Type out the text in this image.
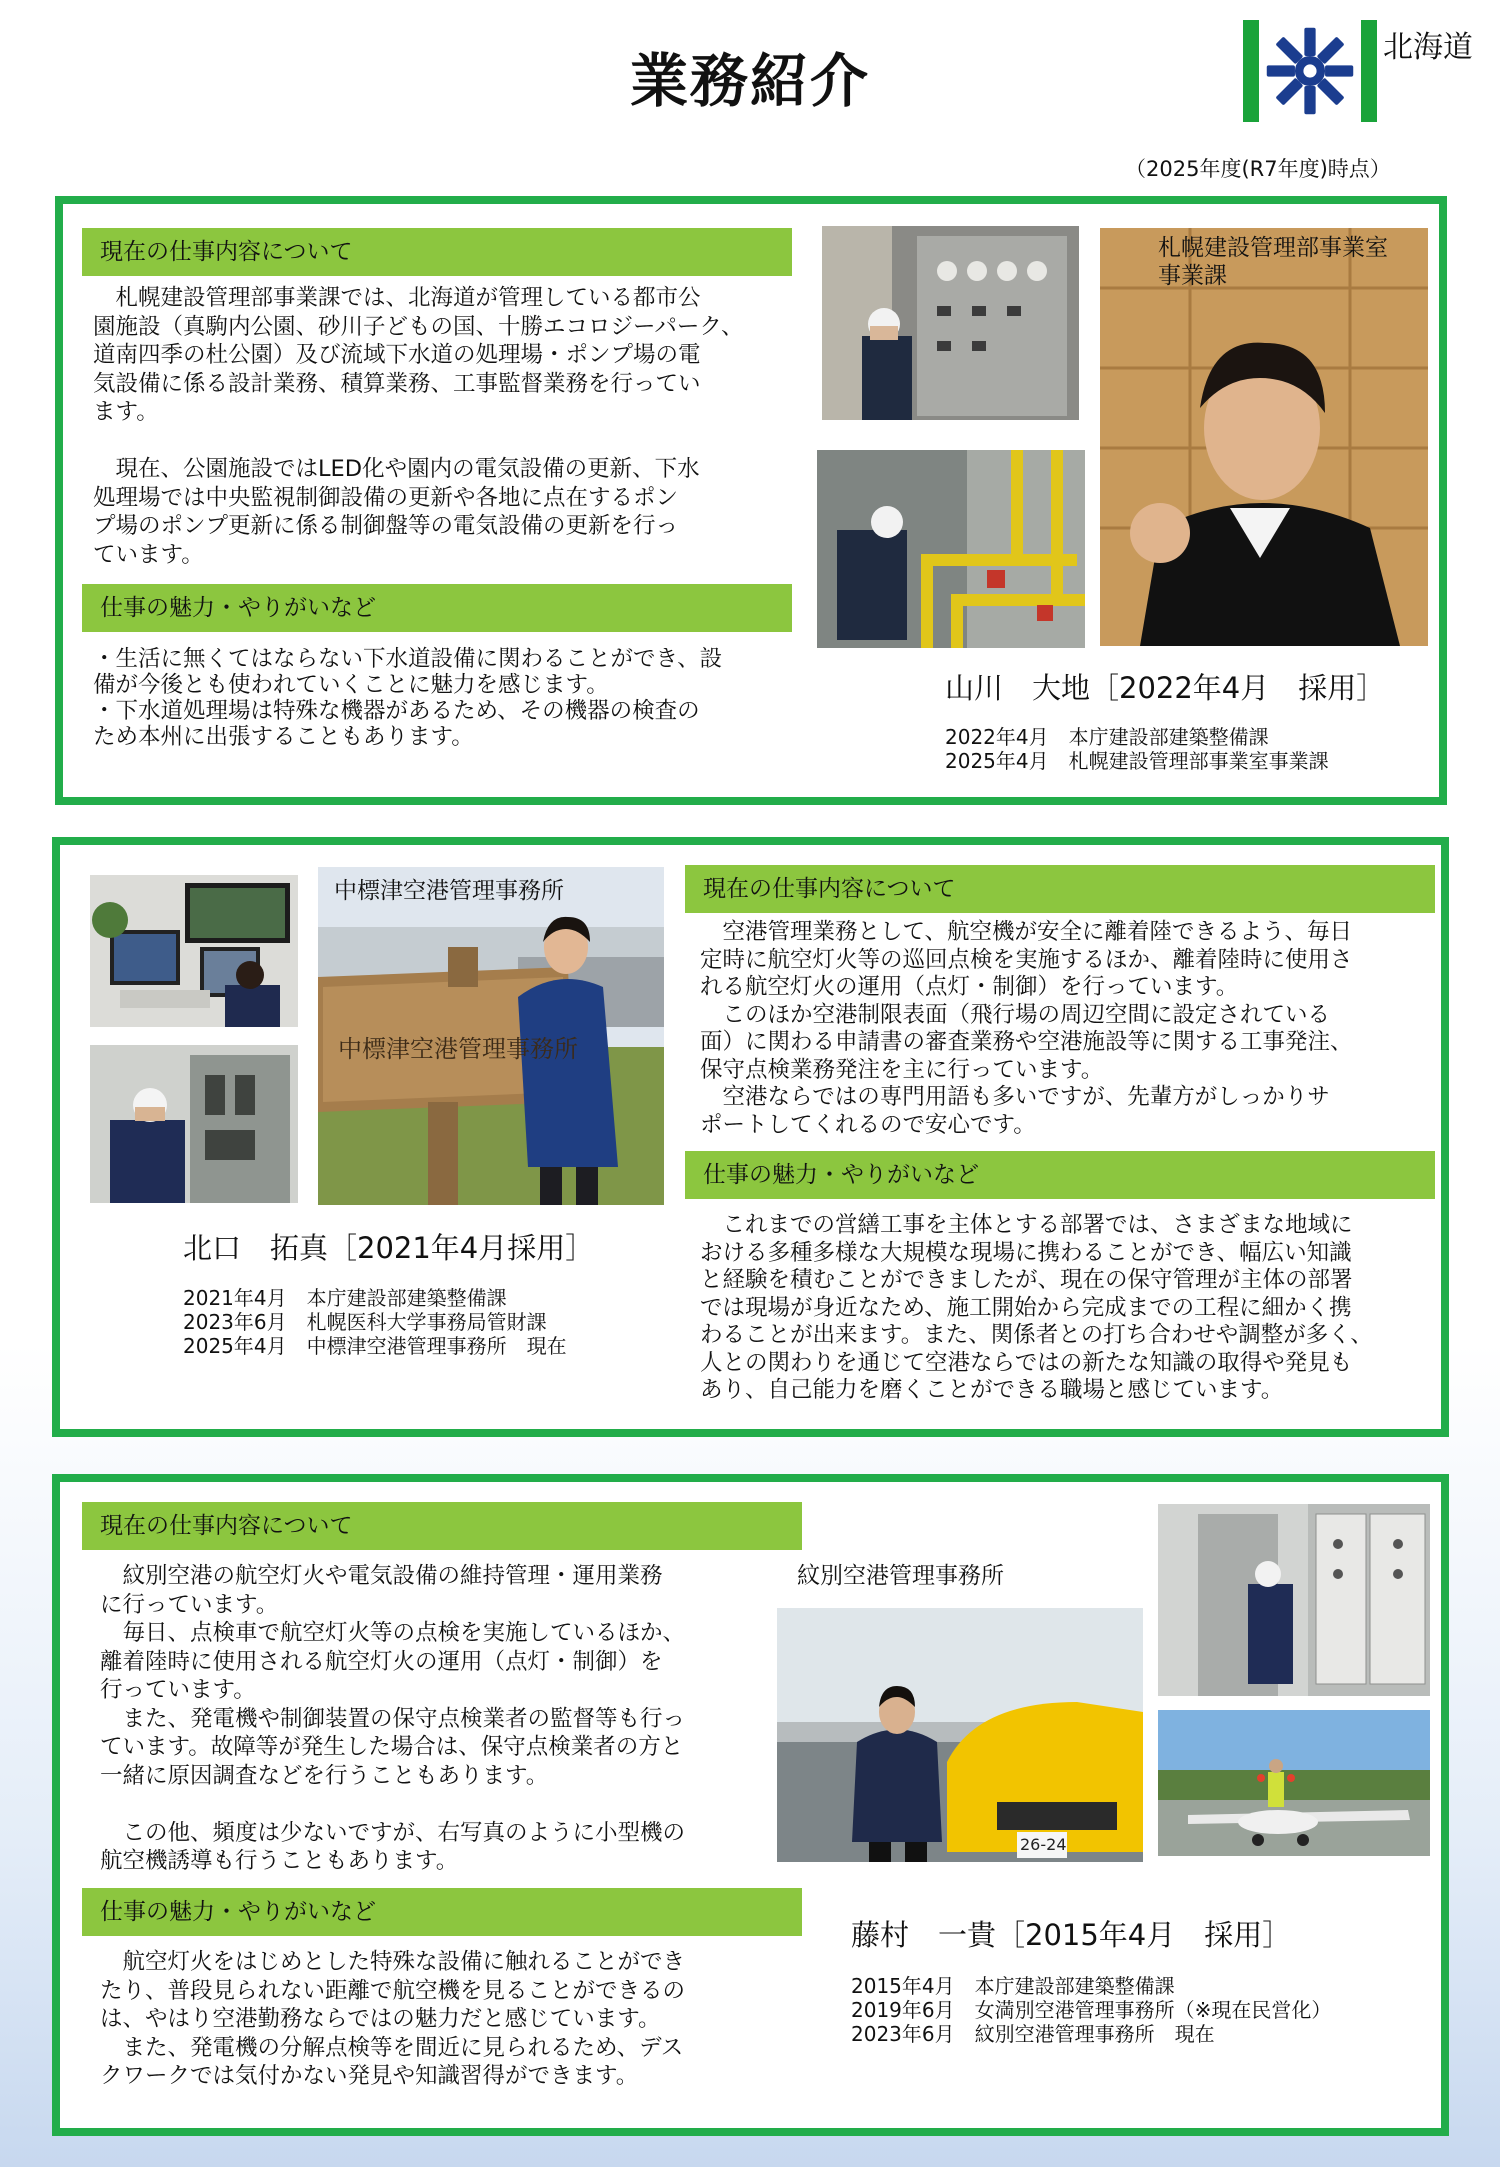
業務紹介	北海道
（2025年度(R7年度)時点）
現在の仕事内容について
　札幌建設管理部事業課では、北海道が管理している都市公
園施設（真駒内公園、砂川子どもの国、十勝エコロジーパーク、
道南四季の杜公園）及び流域下水道の処理場・ポンプ場の電
気設備に係る設計業務、積算業務、工事監督業務を行ってい
ます。

　現在、公園施設ではLED化や園内の電気設備の更新、下水
処理場では中央監視制御設備の更新や各地に点在するポン
プ場のポンプ更新に係る制御盤等の電気設備の更新を行っ
ています。
仕事の魅力・やりがいなど
・生活に無くてはならない下水道設備に関わることができ、設
備が今後とも使われていくことに魅力を感じます。
・下水道処理場は特殊な機器があるため、その機器の検査の
ため本州に出張することもあります。
札幌建設管理部事業室
事業課
山川　大地［2022年4月　採用］
2022年4月　本庁建設部建築整備課
2025年4月　札幌建設管理部事業室事業課
中標津空港管理事務所
中標津空港管理事務所
北口　拓真［2021年4月採用］
2021年4月　本庁建設部建築整備課
2023年6月　札幌医科大学事務局管財課
2025年4月　中標津空港管理事務所　現在
現在の仕事内容について
　空港管理業務として、航空機が安全に離着陸できるよう、毎日
定時に航空灯火等の巡回点検を実施するほか、離着陸時に使用さ
れる航空灯火の運用（点灯・制御）を行っています。
　このほか空港制限表面（飛行場の周辺空間に設定されている
面）に関わる申請書の審査業務や空港施設等に関する工事発注、
保守点検業務発注を主に行っています。
　空港ならではの専門用語も多いですが、先輩方がしっかりサ
ポートしてくれるので安心です。
仕事の魅力・やりがいなど
　これまでの営繕工事を主体とする部署では、さまざまな地域に
おける多種多様な大規模な現場に携わることができ、幅広い知識
と経験を積むことができましたが、現在の保守管理が主体の部署
では現場が身近なため、施工開始から完成までの工程に細かく携
わることが出来ます。また、関係者との打ち合わせや調整が多く、
人との関わりを通じて空港ならではの新たな知識の取得や発見も
あり、自己能力を磨くことができる職場と感じています。
現在の仕事内容について
　紋別空港の航空灯火や電気設備の維持管理・運用業務
に行っています。
　毎日、点検車で航空灯火等の点検を実施しているほか、
離着陸時に使用される航空灯火の運用（点灯・制御）を
行っています。
　また、発電機や制御装置の保守点検業者の監督等も行っ
ています。故障等が発生した場合は、保守点検業者の方と
一緒に原因調査などを行うこともあります。

　この他、頻度は少ないですが、右写真のように小型機の
航空機誘導も行うこともあります。
仕事の魅力・やりがいなど
　航空灯火をはじめとした特殊な設備に触れることができ
たり、普段見られない距離で航空機を見ることができるの
は、やはり空港勤務ならではの魅力だと感じています。
　また、発電機の分解点検等を間近に見られるため、デス
クワークでは気付かない発見や知識習得ができます。
26-24
紋別空港管理事務所
藤村　一貴［2015年4月　採用］
2015年4月　本庁建設部建築整備課
2019年6月　女満別空港管理事務所（※現在民営化）
2023年6月　紋別空港管理事務所　現在
